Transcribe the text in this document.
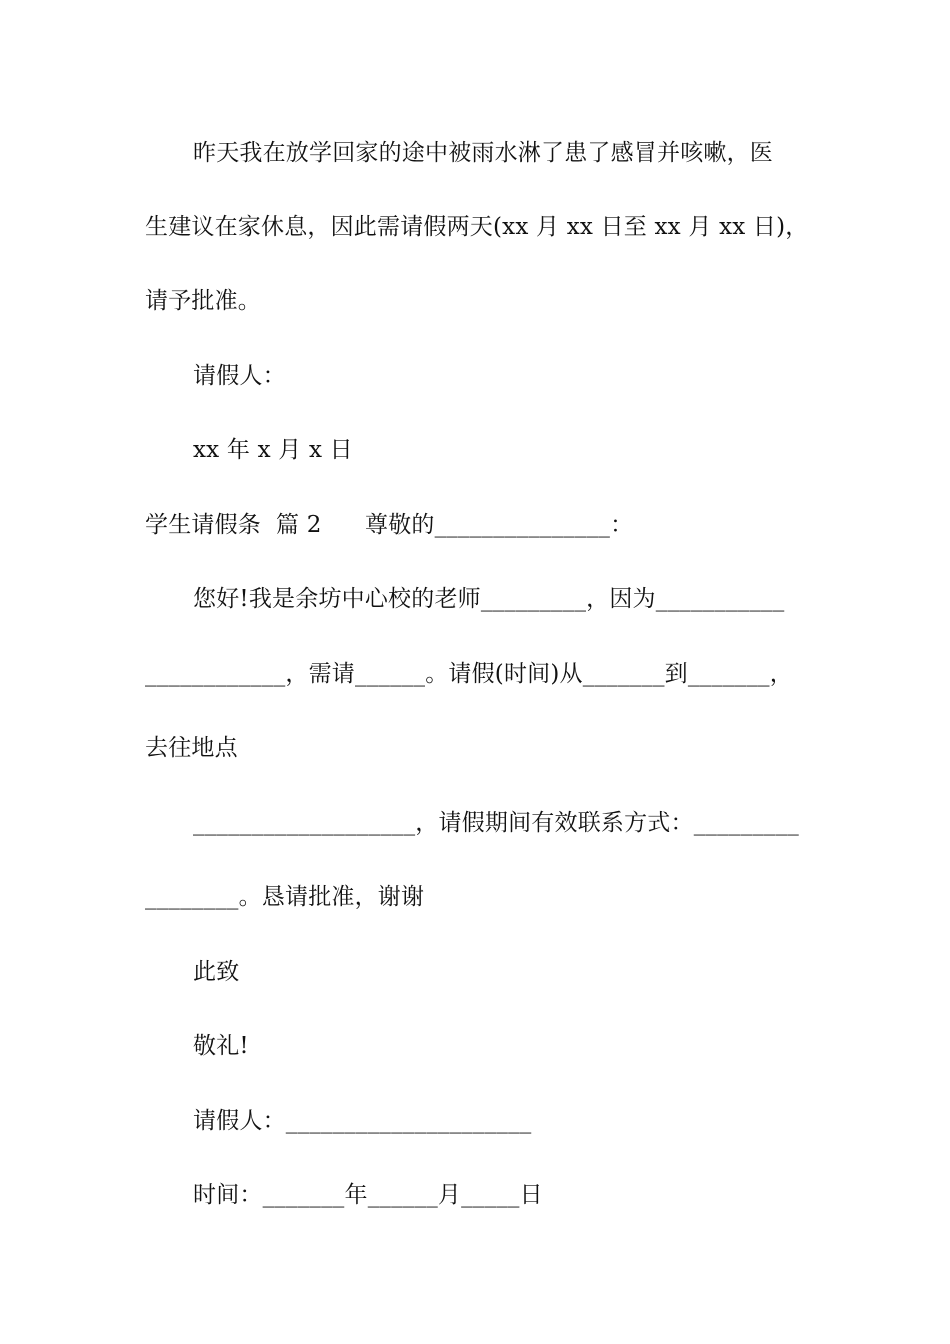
昨天我在放学回家的途中被雨水淋了患了感冒并咳嗽，医
生建议在家休息，因此需请假两天(xx 月 xx 日至 xx 月 xx 日)，
请予批准。
请假人：
xx 年 x 月 x 日
学生请假条  篇 2 尊敬的_______________：
您好!我是余坊中心校的老师_________，因为___________
____________，需请______。请假(时间)从_______到_______，
去往地点
___________________，请假期间有效联系方式：_________
________。恳请批准，谢谢
此致
敬礼!
请假人：_____________________
时间：_______年______月_____日
